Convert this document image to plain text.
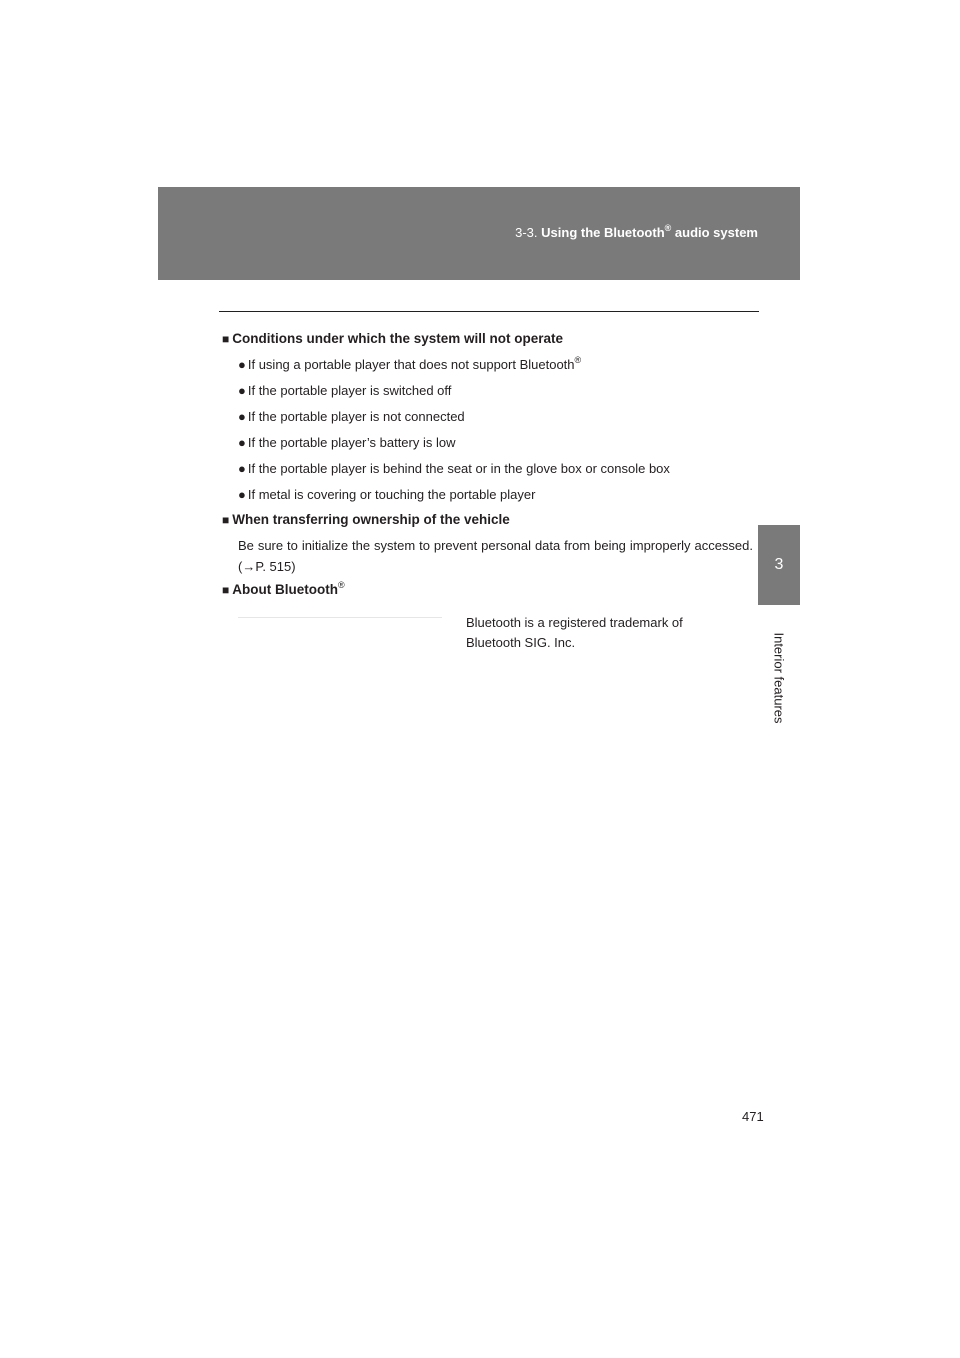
3-3. Using the Bluetooth® audio system
3
Interior features
■ Conditions under which the system will not operate
● If using a portable player that does not support Bluetooth®
● If the portable player is switched off
● If the portable player is not connected
● If the portable player’s battery is low
● If the portable player is behind the seat or in the glove box or console box
● If metal is covering or touching the portable player
■ When transferring ownership of the vehicle
Be sure to initialize the system to prevent personal data from being improperly accessed. (→P. 515)
■ About Bluetooth®
Bluetooth is a registered trademark of
Bluetooth SIG. Inc.
471
